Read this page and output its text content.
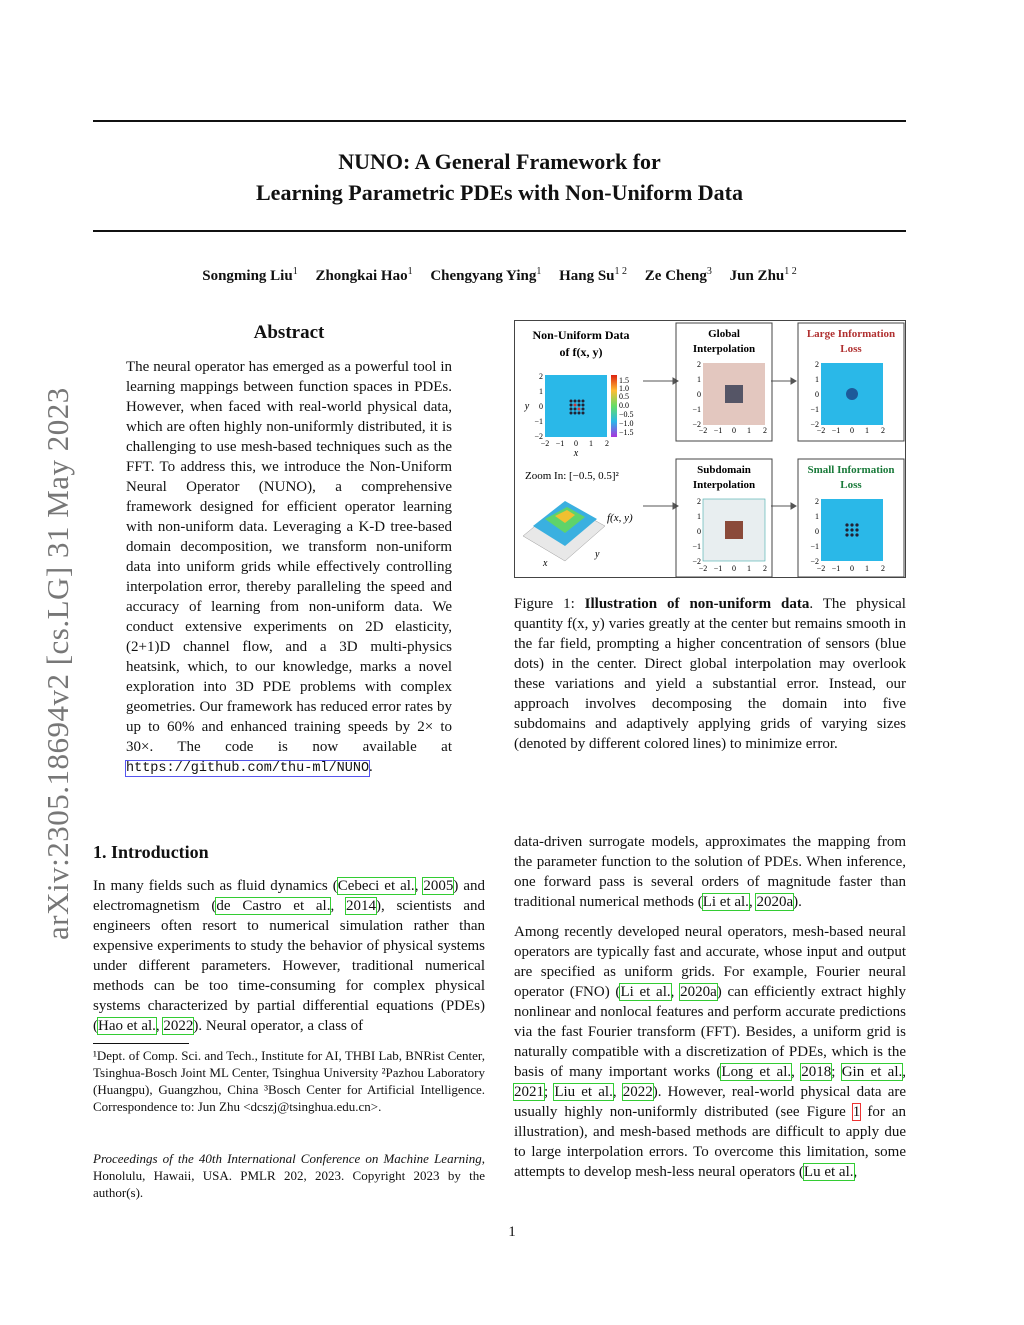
arXiv:2305.18694v2 [cs.LG] 31 May 2023
NUNO: A General Framework for
Learning Parametric PDEs with Non-Uniform Data
Songming Liu$^1$ Zhongkai Hao$^1$ Chengyang Ying$^1$ Hang $Su^{1 2}$ Ze Cheng$^3$ Jun Zhu$^{1 2}$
Abstract
The neural operator has emerged as a powerful tool in learning mappings between function spaces in PDEs. However, when faced with real-world physical data, which are often highly non-uniformly distributed, it is challenging to use mesh-based techniques such as the FFT. To address this, we introduce the Non-Uniform Neural Operator (NUNO), a comprehensive framework designed for efficient operator learning with non-uniform data. Leveraging a K-D tree-based domain decomposition, we transform non-uniform data into uniform grids while effectively controlling interpolation error, thereby paralleling the speed and accuracy of learning from non-uniform data. We conduct extensive experiments on 2D elasticity, (2+1)D channel flow, and a 3D multi-physics heatsink, which, to our knowledge, marks a novel exploration into 3D PDE problems with complex geometries. Our framework has reduced error rates by up to 60% and enhanced training speeds by 2× to 30×. The code is now available at https://github.com/thu-ml/NUNO.
Non-Uniform Data
of f(x, y)
1.5
1.0
0.5
0.0
−0.5
−1.0
−1.5
−2 −1 0 1 2
−2
−1
0
1
2
x
y
Zoom In: [−0.5, 0.5]²
f(x, y)
x
y
Global
Interpolation
−2 −1 0 1 2
−2
−1
0
1
2
Subdomain
Interpolation
−2 −1 0 1 2
−2
−1
0
1
2
Large Information
Loss
−2 −1 0 1 2
−2
−1
0
1
2
Small Information
Loss
−2 −1 0 1 2
−2
−1
0
1
2
Figure 1: Illustration of non-uniform data. The physical quantity f(x, y) varies greatly at the center but remains smooth in the far field, prompting a higher concentration of sensors (blue dots) in the center. Direct global interpolation may overlook these variations and yield a substantial error. Instead, our approach involves decomposing the domain into five subdomains and adaptively applying grids of varying sizes (denoted by different colored lines) to minimize error.
1. Introduction
In many fields such as fluid dynamics (Cebeci et al., 2005) and electromagnetism (de Castro et al., 2014), scientists and engineers often resort to numerical simulation rather than expensive experiments to study the behavior of physical systems under different parameters. However, traditional numerical methods can be too time-consuming for complex physical systems characterized by partial differential equations (PDEs) (Hao et al., 2022). Neural operator, a class of
¹Dept. of Comp. Sci. and Tech., Institute for AI, THBI Lab, BNRist Center, Tsinghua-Bosch Joint ML Center, Tsinghua University ²Pazhou Laboratory (Huangpu), Guangzhou, China ³Bosch Center for Artificial Intelligence. Correspondence to: Jun Zhu <dcszj@tsinghua.edu.cn>.
Proceedings of the 40th International Conference on Machine Learning, Honolulu, Hawaii, USA. PMLR 202, 2023. Copyright 2023 by the author(s).

data-driven surrogate models, approximates the mapping from the parameter function to the solution of PDEs. When inference, one forward pass is several orders of magnitude faster than traditional numerical methods (Li et al., 2020a).

Among recently developed neural operators, mesh-based neural operators are typically fast and accurate, whose input and output are specified as uniform grids. For example, Fourier neural operator (FNO) (Li et al., 2020a) can efficiently extract highly nonlinear and nonlocal features and perform accurate predictions via the fast Fourier transform (FFT). Besides, a uniform grid is naturally compatible with a discretization of PDEs, which is the basis of many important works (Long et al., 2018; Gin et al., 2021; Liu et al., 2022). However, real-world physical data are usually highly non-uniformly distributed (see Figure 1 for an illustration), and mesh-based methods are difficult to apply due to large interpolation errors. To overcome this limitation, some attempts to develop mesh-less neural operators (Lu et al.,

1
